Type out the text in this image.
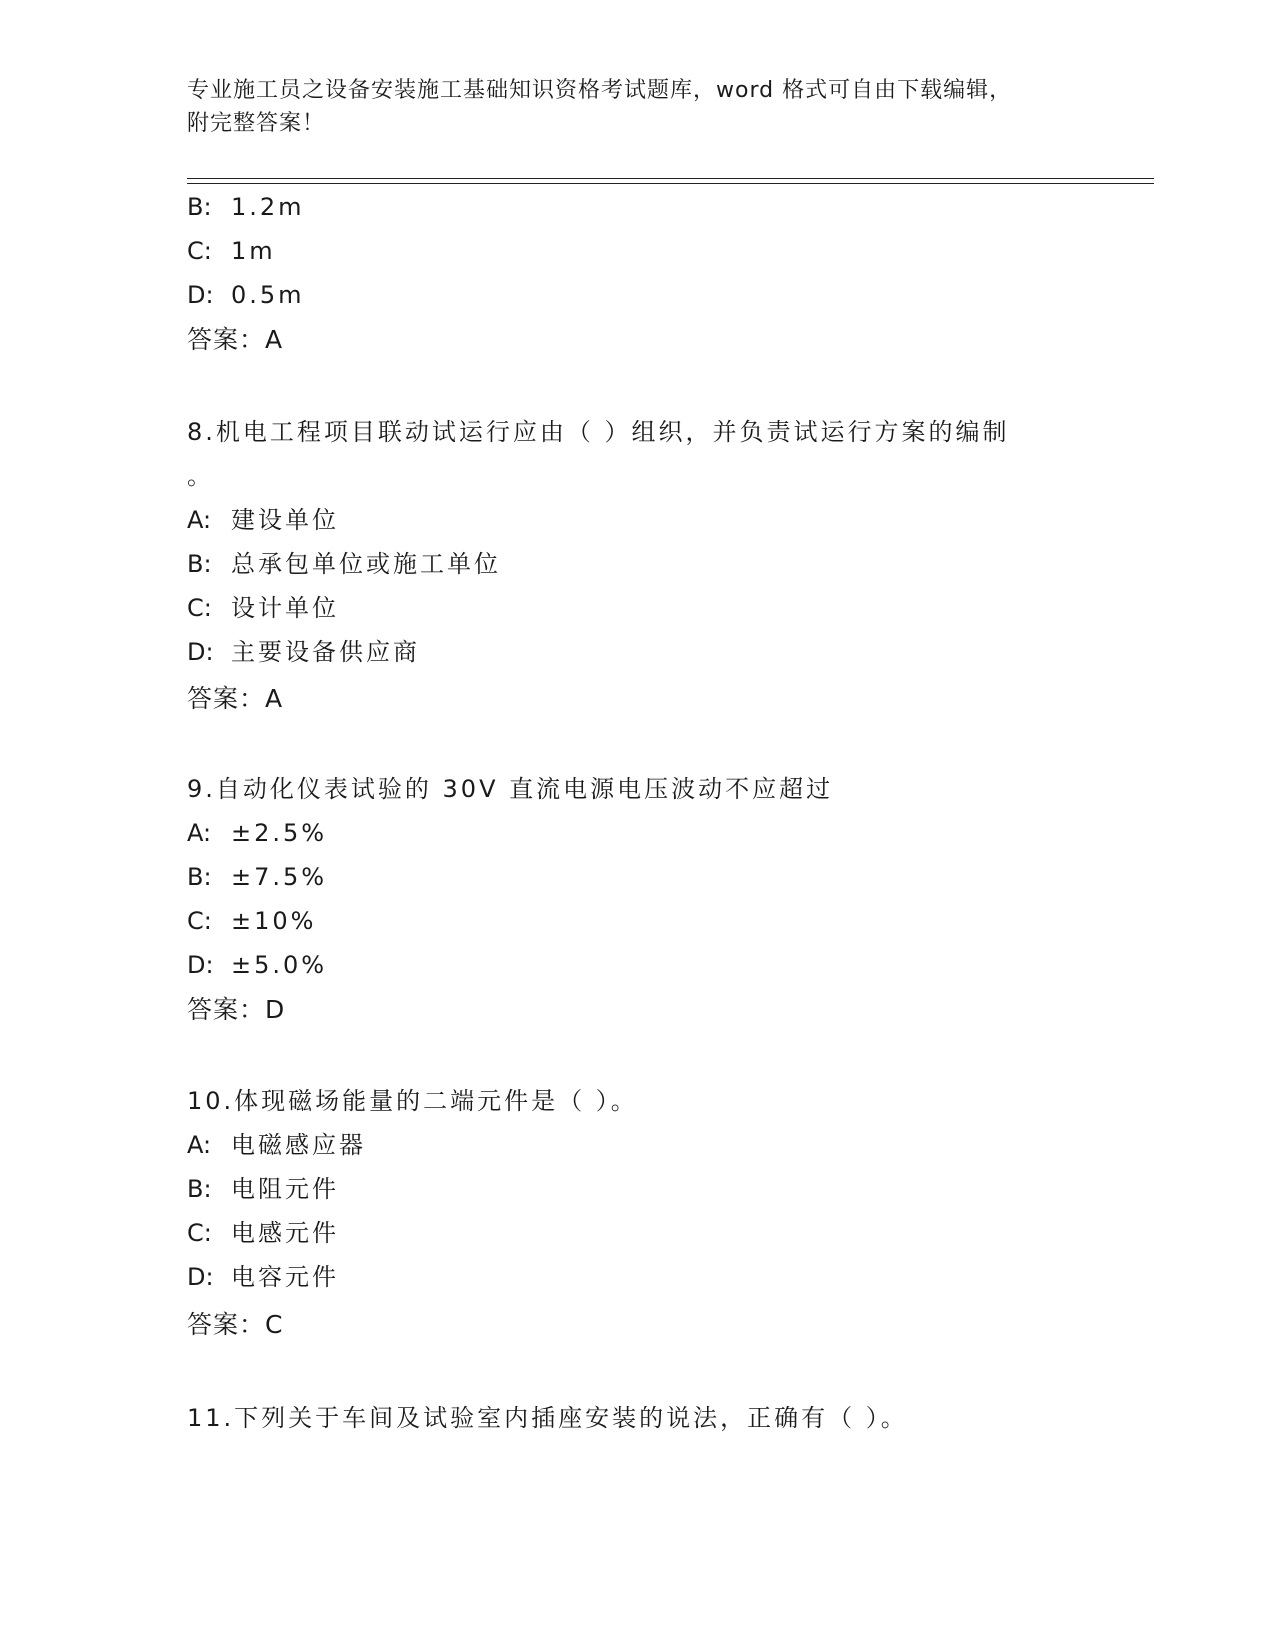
专业施工员之设备安装施工基础知识资格考试题库，word 格式可自由下载编辑，
附完整答案！
B: 1.2m
C: 1m
D: 0.5m
答案：A
8.机电工程项目联动试运行应由（ ）组织，并负责试运行方案的编制
。
A: 建设单位
B: 总承包单位或施工单位
C: 设计单位
D: 主要设备供应商
答案：A
9.自动化仪表试验的 30V 直流电源电压波动不应超过
A: ±2.5%
B: ±7.5%
C: ±10%
D: ±5.0%
答案：D
10.体现磁场能量的二端元件是（ ）。
A: 电磁感应器
B: 电阻元件
C: 电感元件
D: 电容元件
答案：C
11.下列关于车间及试验室内插座安装的说法，正确有（ ）。
